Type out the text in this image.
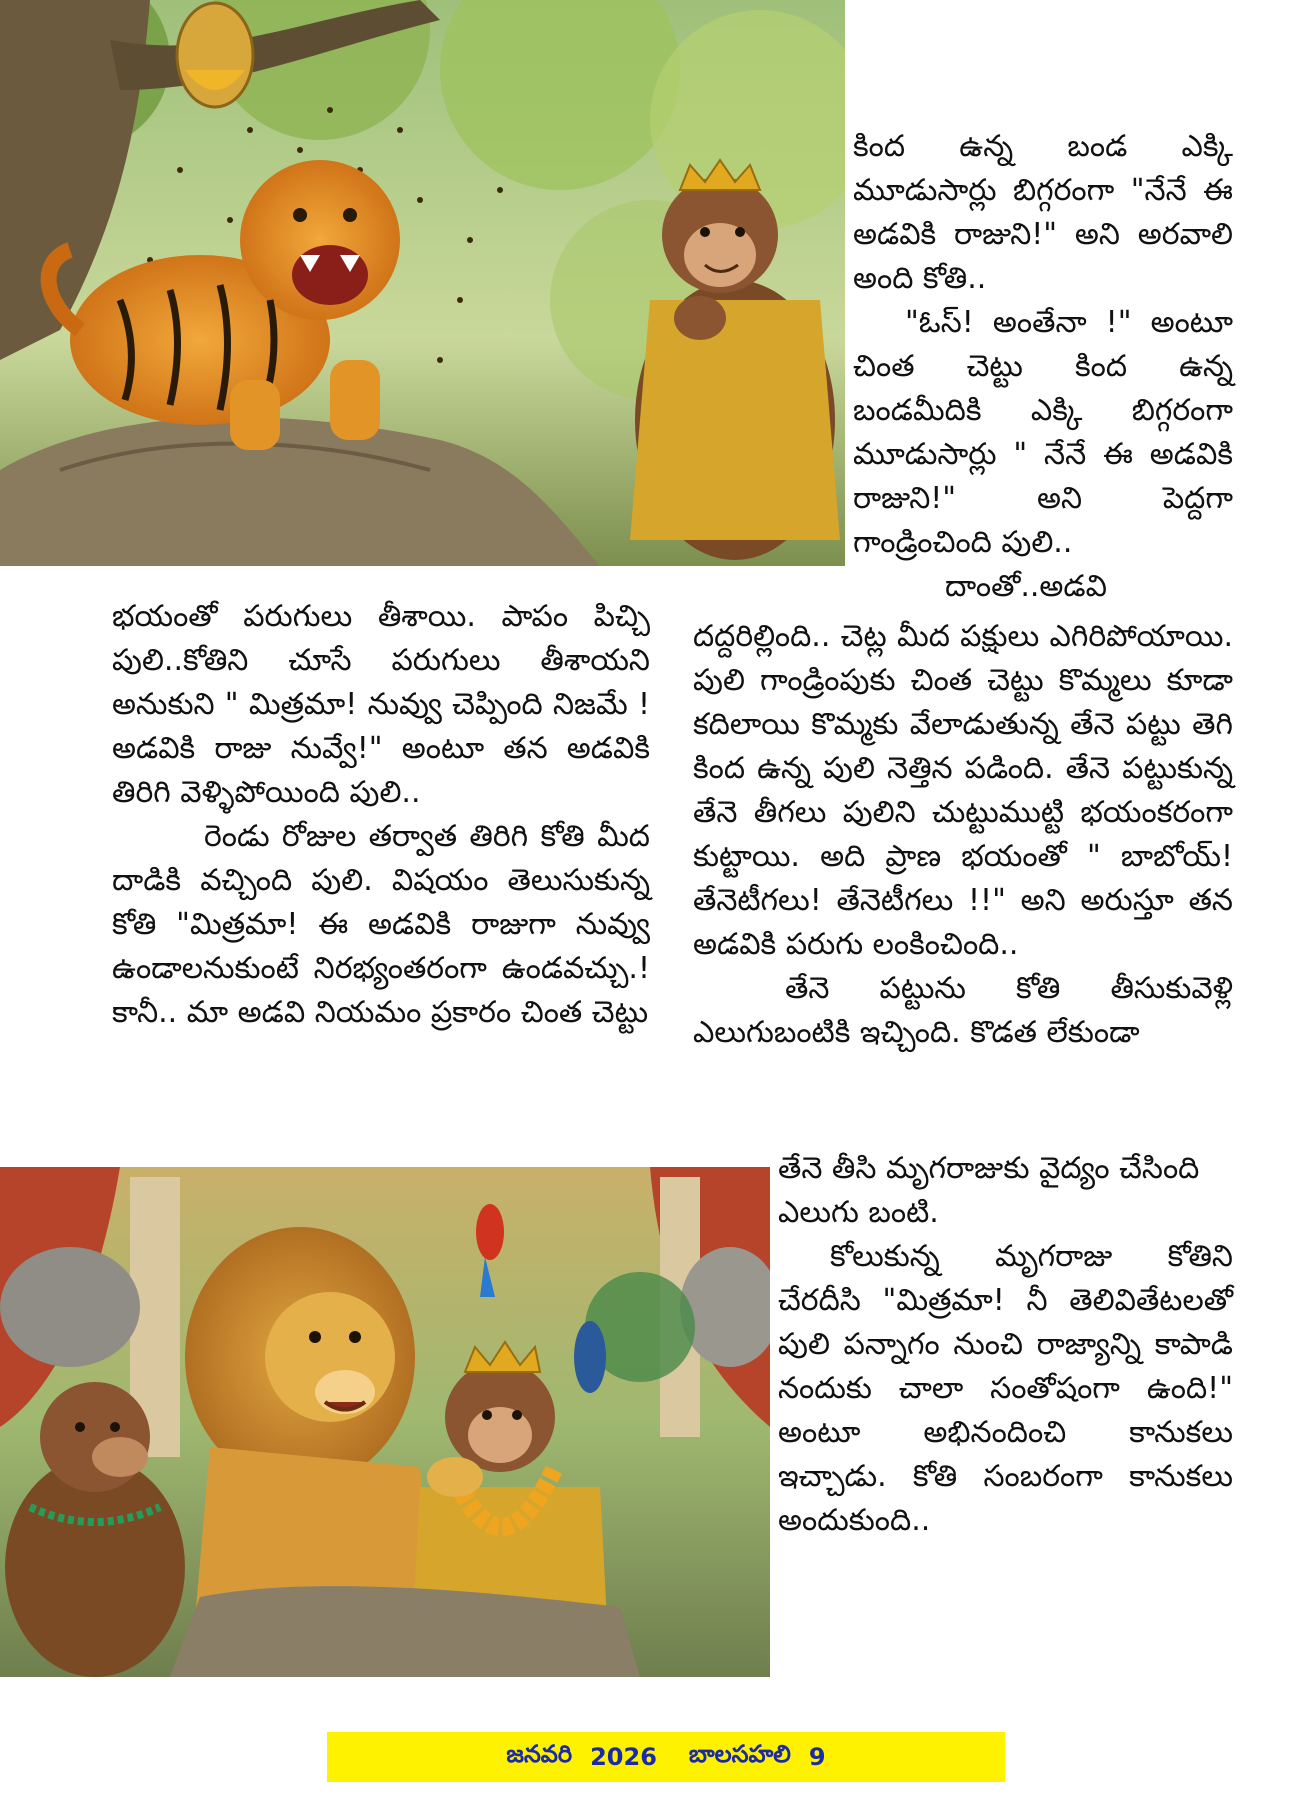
కింద ఉన్న బండ ఎక్కి మూడుసార్లు బిగ్గరంగా "నేనే ఈ అడవికి రాజుని!" అని అరవాలి అంది కోతి..

"ఓస్! అంతేనా !" అంటూ చింత చెట్టు కింద ఉన్న బండమీదికి ఎక్కి బిగ్గరంగా మూడుసార్లు " నేనే ఈ అడవికి రాజుని!" అని పెద్దగా గాండ్రించింది పులి..

దాంతో..అడవి

భయంతో పరుగులు తీశాయి. పాపం పిచ్చి పులి..కోతిని చూసే పరుగులు తీశాయని అనుకుని " మిత్రమా! నువ్వు చెప్పింది నిజమే ! అడవికి రాజు నువ్వే!" అంటూ తన అడవికి తిరిగి వెళ్ళిపోయింది పులి..

రెండు రోజుల తర్వాత తిరిగి కోతి మీద దాడికి వచ్చింది పులి. విషయం తెలుసుకున్న కోతి "మిత్రమా! ఈ అడవికి రాజుగా నువ్వు ఉండాలనుకుంటే నిరభ్యంతరంగా ఉండవచ్చు.! కానీ.. మా అడవి నియమం ప్రకారం చింత చెట్టు

దద్దరిల్లింది.. చెట్ల మీద పక్షులు ఎగిరిపోయాయి. పులి గాండ్రింపుకు చింత చెట్టు కొమ్మలు కూడా కదిలాయి కొమ్మకు వేలాడుతున్న తేనె పట్టు తెగి కింద ఉన్న పులి నెత్తిన పడింది. తేనె పట్టుకున్న తేనె తీగలు పులిని చుట్టుముట్టి భయంకరంగా కుట్టాయి. అది ప్రాణ భయంతో " బాబోయ్! తేనెటీగలు! తేనెటీగలు !!" అని అరుస్తూ తన అడవికి పరుగు లంకించింది..

తేనె పట్టును కోతి తీసుకువెళ్లి ఎలుగుబంటికి ఇచ్చింది. కొడత లేకుండా

తేనె తీసి మృగరాజుకు వైద్యం చేసింది

ఎలుగు బంటి.

కోలుకున్న మృగరాజు కోతిని చేరదీసి "మిత్రమా! నీ తెలివితేటలతో పులి పన్నాగం నుంచి రాజ్యాన్ని కాపాడి నందుకు చాలా సంతోషంగా ఉంది!" అంటూ అభినందించి కానుకలు ఇచ్చాడు. కోతి సంబరంగా కానుకలు అందుకుంది..

జనవరి 2026 బాలసహలి 9
